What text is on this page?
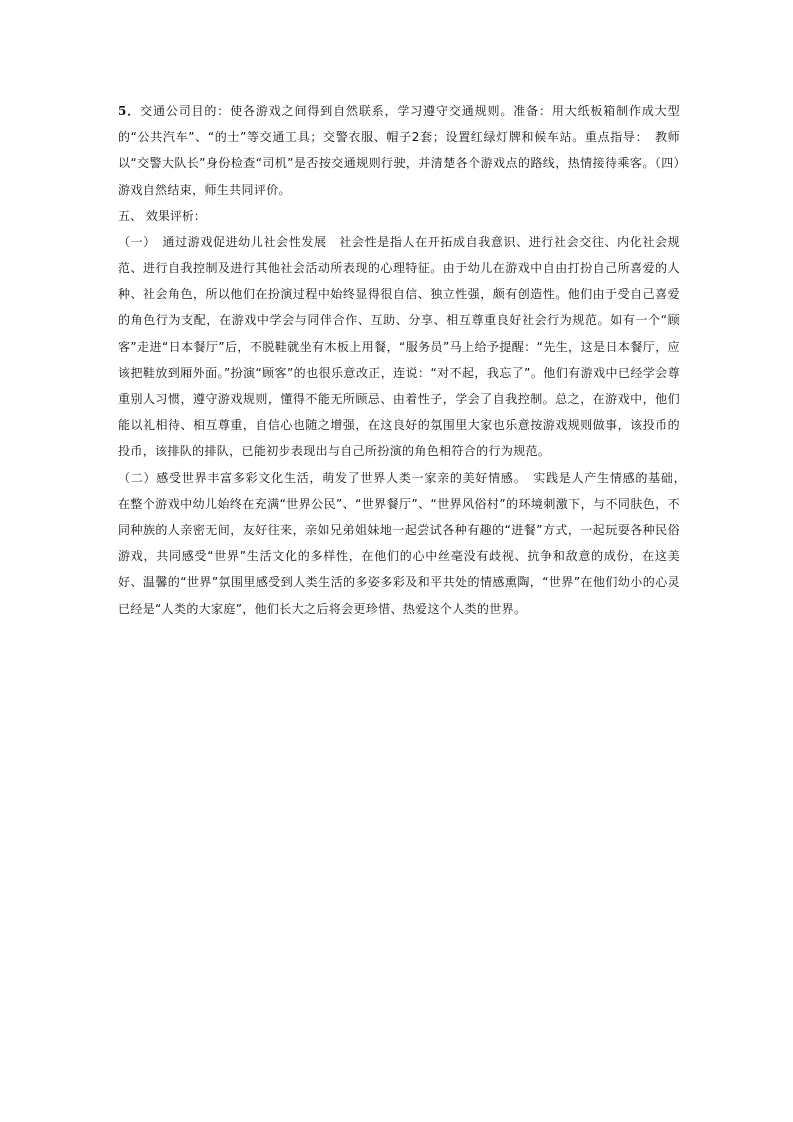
5．交通公司目的：使各游戏之间得到自然联系，学习遵守交通规则。准备：用大纸板箱制作成大型的“公共汽车”、“的士”等交通工具；交警衣服、帽子2套；设置红绿灯牌和候车站。重点指导：　教师以“交警大队长”身份检查“司机”是否按交通规则行驶，并清楚各个游戏点的路线，热情接待乘客。（四）　游戏自然结束，师生共同评价。

五、 效果评析：

（一）　通过游戏促进幼儿社会性发展　社会性是指人在开拓成自我意识、进行社会交往、内化社会规范、进行自我控制及进行其他社会活动所表现的心理特征。由于幼儿在游戏中自由打扮自己所喜爱的人种、社会角色，所以他们在扮演过程中始终显得很自信、独立性强，颇有创造性。他们由于受自己喜爱的角色行为支配，在游戏中学会与同伴合作、互助、分享、相互尊重良好社会行为规范。如有一个“顾客”走进“日本餐厅”后，不脱鞋就坐有木板上用餐，“服务员”马上给予提醒：“先生，这是日本餐厅，应该把鞋放到厢外面。”扮演“顾客”的也很乐意改正，连说：“对不起，我忘了”。他们有游戏中已经学会尊重别人习惯，遵守游戏规则，懂得不能无所顾忌、由着性子，学会了自我控制。总之，在游戏中，他们能以礼相待、相互尊重，自信心也随之增强，在这良好的氛围里大家也乐意按游戏规则做事，该投币的投币，该排队的排队，已能初步表现出与自己所扮演的角色相符合的行为规范。

（二）感受世界丰富多彩文化生活，萌发了世界人类一家亲的美好情感。　实践是人产生情感的基础，　在整个游戏中幼儿始终在充满“世界公民”、“世界餐厅”、“世界风俗村”的环境刺激下，与不同肤色，不同种族的人亲密无间，友好往来，亲如兄弟姐妹地一起尝试各种有趣的“进餐”方式，一起玩耍各种民俗游戏，共同感受“世界”生活文化的多样性，在他们的心中丝毫没有歧视、抗争和敌意的成份，在这美好、温馨的“世界”氛围里感受到人类生活的多姿多彩及和平共处的情感熏陶，“世界”在他们幼小的心灵已经是“人类的大家庭”，他们长大之后将会更珍惜、热爱这个人类的世界。
